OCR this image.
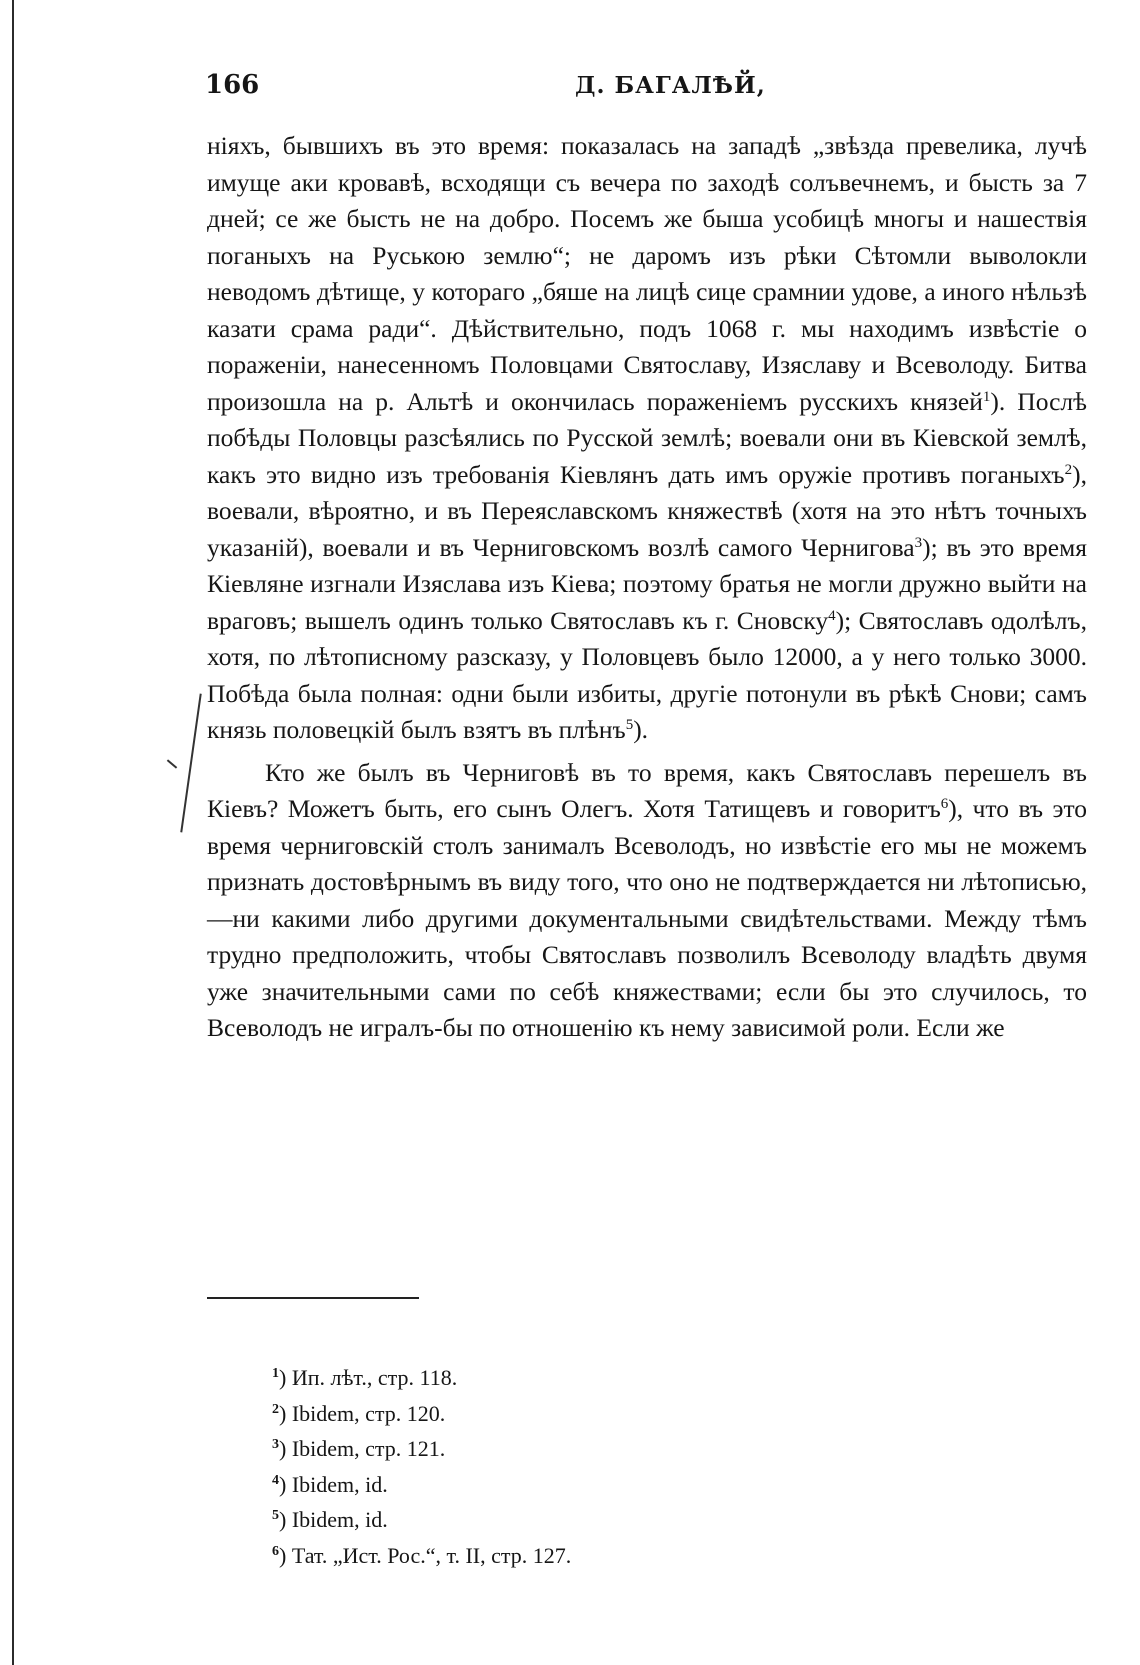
166	Д. БАГАЛѢЙ,

ніяхъ, бывшихъ въ это время: показалась на западѣ „звѣзда превелика, лучѣ имуще аки кровавѣ, всходящи съ вечера по заходѣ солъвечнемъ, и бысть за 7 дней; се же бысть не на добро. Посемъ же быша усобицѣ многы и нашествія поганыхъ на Руською землю“; не даромъ изъ рѣки Сѣтомли выволокли неводомъ дѣтище, у котораго „бяше на лицѣ сице срамнии удове, а иного нѣльзѣ казати срама ради“. Дѣйствительно, подъ 1068 г. мы находимъ извѣстіе о пораженіи, нанесенномъ Половцами Святославу, Изяславу и Всеволоду. Битва произошла на р. Альтѣ и окончилась пораженіемъ русскихъ князей$^1$). Послѣ побѣды Половцы разсѣялись по Русской землѣ; воевали они въ Кіевской землѣ, какъ это видно изъ требованія Кіевлянъ дать имъ оружіе противъ поганыхъ$^2$), воевали, вѣроятно, и въ Переяславскомъ княжествѣ (хотя на это нѣтъ точныхъ указаній), воевали и въ Черниговскомъ возлѣ самого Чернигова$^3$); въ это время Кіевляне изгнали Изяслава изъ Кіева; поэтому братья не могли дружно выйти на враговъ; вышелъ одинъ только Святославъ къ г. Сновску$^4$); Святославъ одолѣлъ, хотя, по лѣтописному разсказу, у Половцевъ было 12000, а у него только 3000. Побѣда была полная: одни были избиты, другіе потонули въ рѣкѣ Снови; самъ князь половецкій былъ взятъ въ плѣнъ$^5$).

Кто же былъ въ Черниговѣ въ то время, какъ Святославъ перешелъ въ Кіевъ? Можетъ быть, его сынъ Олегъ. Хотя Татищевъ и говоритъ$^6$), что въ это время черниговскій столъ занималъ Всеволодъ, но извѣстіе его мы не можемъ признать достовѣрнымъ въ виду того, что оно не подтверждается ни лѣтописью,—ни какими либо другими документальными свидѣтельствами. Между тѣмъ трудно предположить, чтобы Святославъ позволилъ Всеволоду владѣть двумя уже значительными сами по себѣ княжествами; если бы это случилось, то Всеволодъ не игралъ-бы по отношенію къ нему зависимой роли. Если же

$^1$) Ип. лѣт., стр. 118.
$^2$) Ibidem, стр. 120.
$^3$) Ibidem, стр. 121.
$^4$) Ibidem, id.
$^5$) Ibidem, id.
$^6$) Тат. „Ист. Рос.“, т. II, стр. 127.
